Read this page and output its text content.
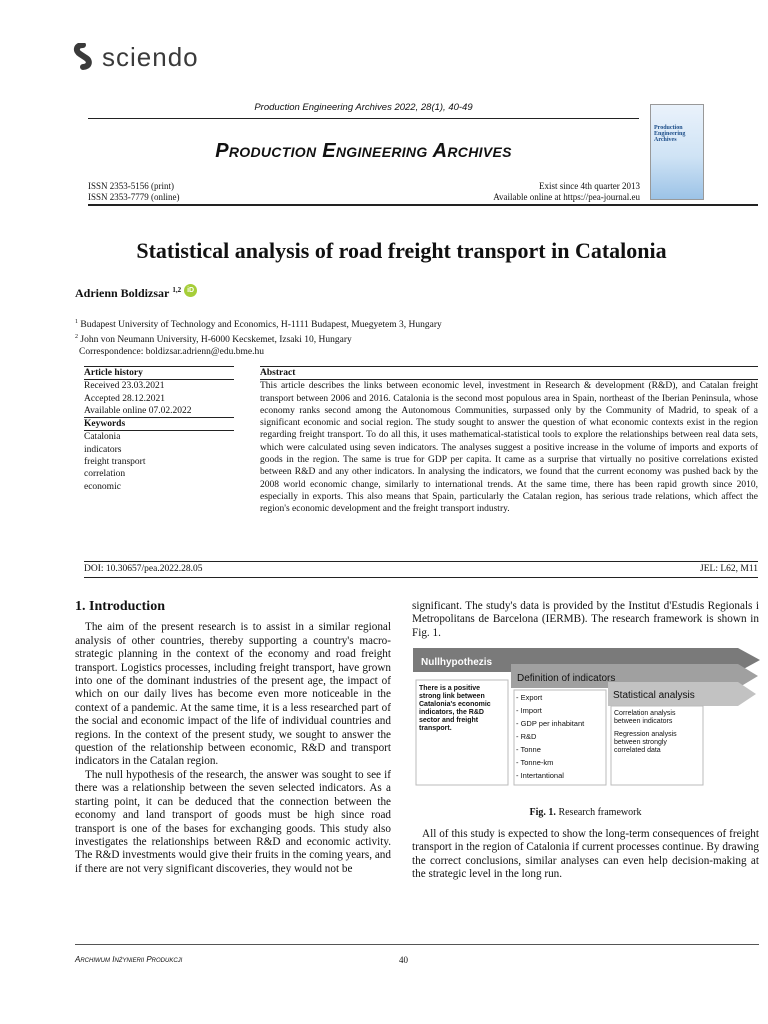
sciendo
Production Engineering Archives 2022, 28(1), 40-49
Production Engineering Archives
Production Engineering Archives
ISSN 2353-5156 (print)
ISSN 2353-7779 (online)
Exist since 4th quarter 2013
Available online at https://pea-journal.eu
Statistical analysis of road freight transport in Catalonia
Adrienn Boldizsar $^{1,2}$ iD
$^1$ Budapest University of Technology and Economics, H-1111 Budapest, Muegyetem 3, Hungary
$^2$ John von Neumann University, H-6000 Kecskemet, Izsaki 10, Hungary
Correspondence: boldizsar.adrienn@edu.bme.hu
Article history
Received 23.03.2021
Accepted 28.12.2021
Available online 07.02.2022
Keywords
Catalonia
indicators
freight transport
correlation
economic
Abstract
This article describes the links between economic level, investment in Research & development (R&D), and Catalan freight transport between 2006 and 2016. Catalonia is the second most populous area in Spain, northeast of the Iberian Peninsula, whose economy ranks second among the Autonomous Communities, surpassed only by the Community of Madrid, to speak of a significant economic and social region. The study sought to answer the question of what economic contexts exist in the region regarding freight transport. To do all this, it uses mathematical-statistical tools to explore the relationships between real data sets, which were calculated using seven indicators. The analyses suggest a positive increase in the volume of imports and exports of goods in the region. The same is true for GDP per capita. It came as a surprise that virtually no positive correlations existed between R&D and any other indicators. In analysing the indicators, we found that the current economy was pushed back by the 2008 world economic change, similarly to international trends. At the same time, there has been rapid growth since 2010, especially in exports. This also means that Spain, particularly the Catalan region, has serious trade relations, which affect the region's economic development and the freight transport industry.
DOI: 10.30657/pea.2022.28.05	JEL: L62, M11
1. Introduction

The aim of the present research is to assist in a similar regional analysis of other countries, thereby supporting a country's macro-strategic planning in the context of the economy and road freight transport. Logistics processes, including freight transport, have grown into one of the dominant industries of the present age, the impact of which on our daily lives has become even more noticeable in the context of a pandemic. At the same time, it is a less researched part of the social and economic impact of the life of individual countries and regions. In the context of the present study, we sought to answer the question of the relationship between economic, R&D and transport indicators in the Catalan region.

The null hypothesis of the research, the answer was sought to see if there was a relationship between the seven selected indicators. As a starting point, it can be deduced that the connection between the economy and land transport of goods must be high since road transport is one of the bases for exchanging goods. This study also investigates the relationships between R&D and economic activity. The R&D investments would give their fruits in the coming years, and if there are not very significant discoveries, they would not be

significant. The study's data is provided by the Institut d'Estudis Regionals i Metropolitans de Barcelona (IERMB). The research framework is shown in Fig. 1.

Nullhypothezis
Definition of indicators
Statistical analysis
There is a positive
strong link between
Catalonia's economic
indicators, the R&D
sector and freight
transport.
- Export
- Import
- GDP per inhabitant
- R&D
- Tonne
- Tonne-km
- Intertantional
Correlation analysis
between indicators
Regression analysis
between strongly
correlated data
Fig. 1. Research framework

All of this study is expected to show the long-term consequences of freight transport in the region of Catalonia if current processes continue. By drawing the correct conclusions, similar analyses can even help decision-making at the strategic level in the long run.

Archiwum Inżynierii Produkcji	40
